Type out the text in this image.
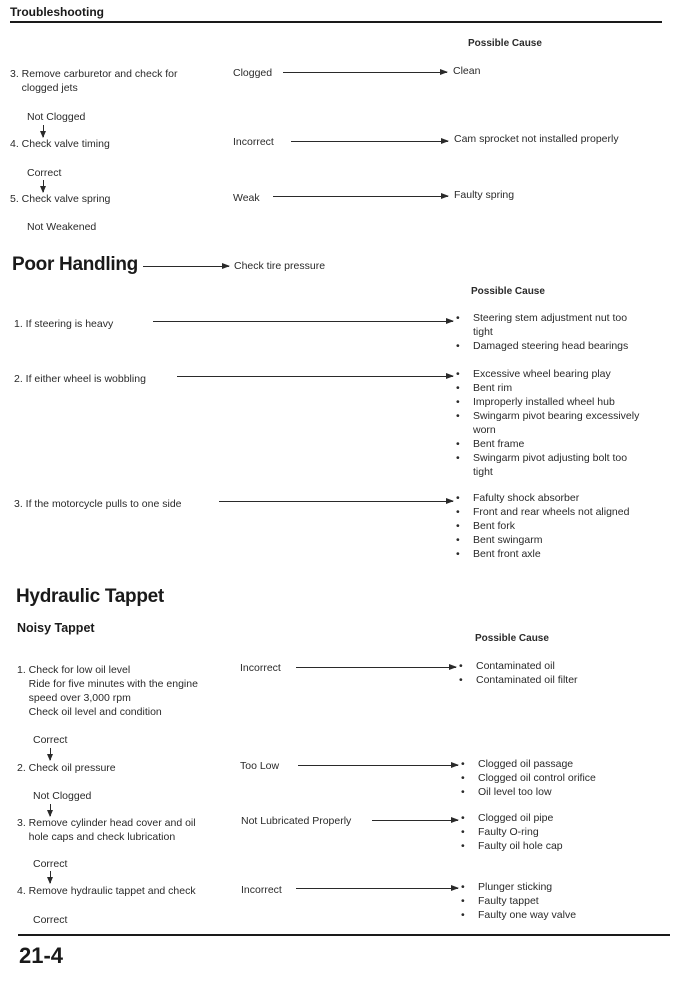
Troubleshooting
Possible Cause
3. Remove carburetor and check for
clogged jets
Clogged	Clean
Not Clogged
4. Check valve timing	Incorrect	Cam sprocket not installed properly
Correct
5. Check valve spring	Weak	Faulty spring
Not Weakened
Poor Handling	Check tire pressure
Possible Cause
1. If steering is heavy	• Steering stem adjustment nut too
tight
• Damaged steering head bearings
2. If either wheel is wobbling	• Excessive wheel bearing play
• Bent rim
• Improperly installed wheel hub
• Swingarm pivot bearing excessively
worn
• Bent frame
• Swingarm pivot adjusting bolt too
tight
3. If the motorcycle pulls to one side	• Fafulty shock absorber
• Front and rear wheels not aligned
• Bent fork
• Bent swingarm
• Bent front axle
Hydraulic Tappet
Noisy Tappet
Possible Cause
1. Check for low oil level
Ride for five minutes with the engine
speed over 3,000 rpm
Check oil level and condition
Incorrect	• Contaminated oil
• Contaminated oil filter
Correct
2. Check oil pressure	Too Low	• Clogged oil passage
• Clogged oil control orifice
• Oil level too low
Not Clogged
3. Remove cylinder head cover and oil
hole caps and check lubrication
Not Lubricated Properly	• Clogged oil pipe
• Faulty O-ring
• Faulty oil hole cap
Correct
4. Remove hydraulic tappet and check	Incorrect	• Plunger sticking
• Faulty tappet
• Faulty one way valve
Correct
21-4
